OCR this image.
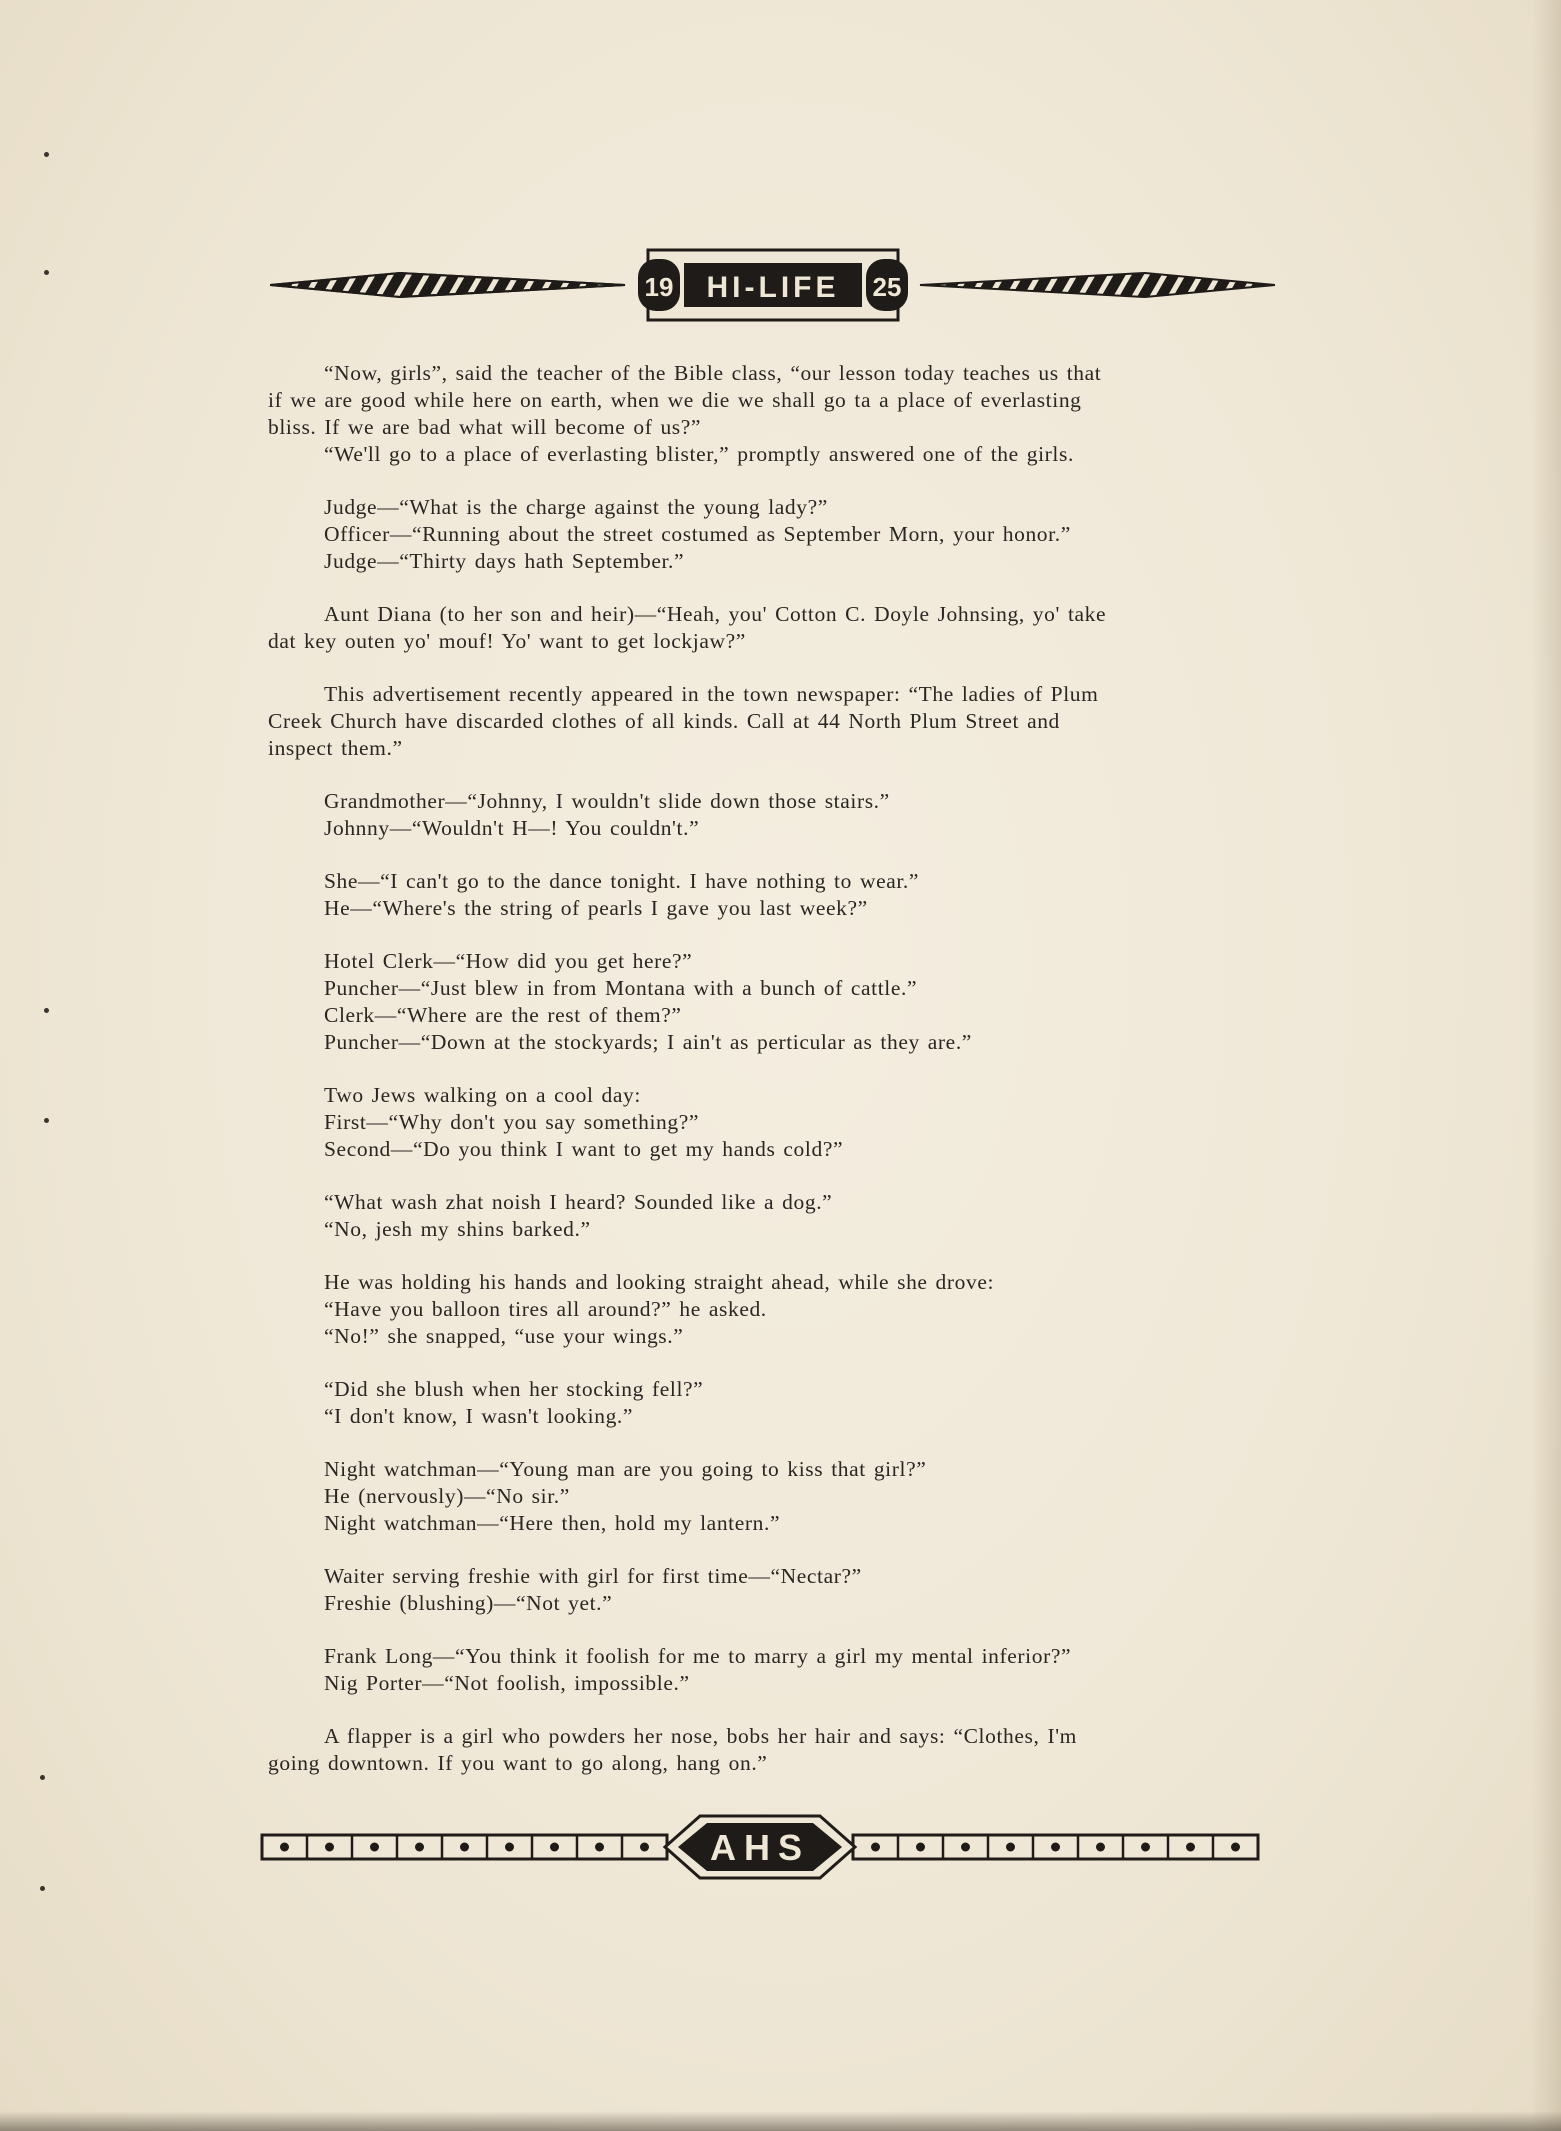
19	25
HI-LIFE
“Now, girls”, said the teacher of the Bible class, “our lesson today teaches us that
if we are good while here on earth, when we die we shall go ta a place of everlasting
bliss. If we are bad what will become of us?”
“We'll go to a place of everlasting blister,” promptly answered one of the girls.
Judge—“What is the charge against the young lady?”
Officer—“Running about the street costumed as September Morn, your honor.”
Judge—“Thirty days hath September.”
Aunt Diana (to her son and heir)—“Heah, you' Cotton C. Doyle Johnsing, yo' take
dat key outen yo' mouf! Yo' want to get lockjaw?”
This advertisement recently appeared in the town newspaper: “The ladies of Plum
Creek Church have discarded clothes of all kinds. Call at 44 North Plum Street and
inspect them.”
Grandmother—“Johnny, I wouldn't slide down those stairs.”
Johnny—“Wouldn't H—! You couldn't.”
She—“I can't go to the dance tonight. I have nothing to wear.”
He—“Where's the string of pearls I gave you last week?”
Hotel Clerk—“How did you get here?”
Puncher—“Just blew in from Montana with a bunch of cattle.”
Clerk—“Where are the rest of them?”
Puncher—“Down at the stockyards; I ain't as perticular as they are.”
Two Jews walking on a cool day:
First—“Why don't you say something?”
Second—“Do you think I want to get my hands cold?”
“What wash zhat noish I heard? Sounded like a dog.”
“No, jesh my shins barked.”
He was holding his hands and looking straight ahead, while she drove:
“Have you balloon tires all around?” he asked.
“No!” she snapped, “use your wings.”
“Did she blush when her stocking fell?”
“I don't know, I wasn't looking.”
Night watchman—“Young man are you going to kiss that girl?”
He (nervously)—“No sir.”
Night watchman—“Here then, hold my lantern.”
Waiter serving freshie with girl for first time—“Nectar?”
Freshie (blushing)—“Not yet.”
Frank Long—“You think it foolish for me to marry a girl my mental inferior?”
Nig Porter—“Not foolish, impossible.”
A flapper is a girl who powders her nose, bobs her hair and says: “Clothes, I'm
going downtown. If you want to go along, hang on.”
AHS
